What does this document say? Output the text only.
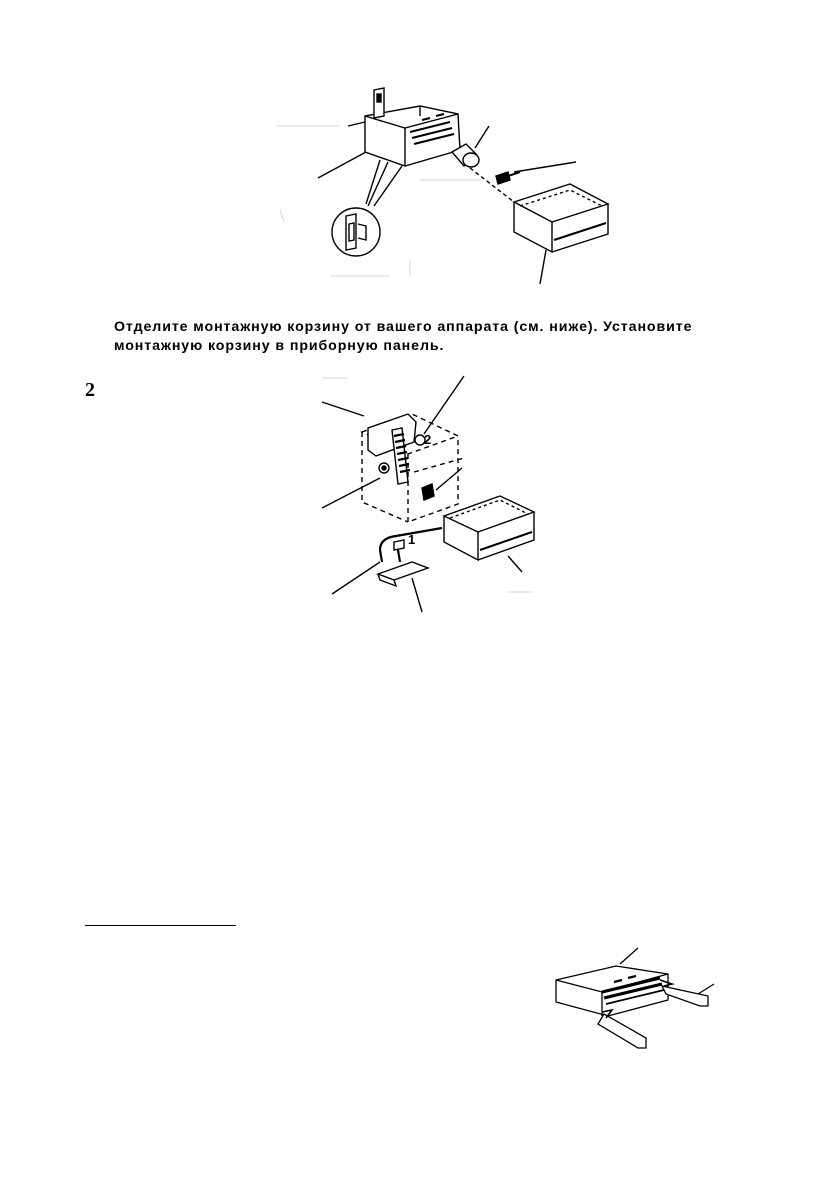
Отделите монтажную корзину от вашего аппарата (см. ниже). Установите
монтажную корзину в приборную панель.
2
2
1
